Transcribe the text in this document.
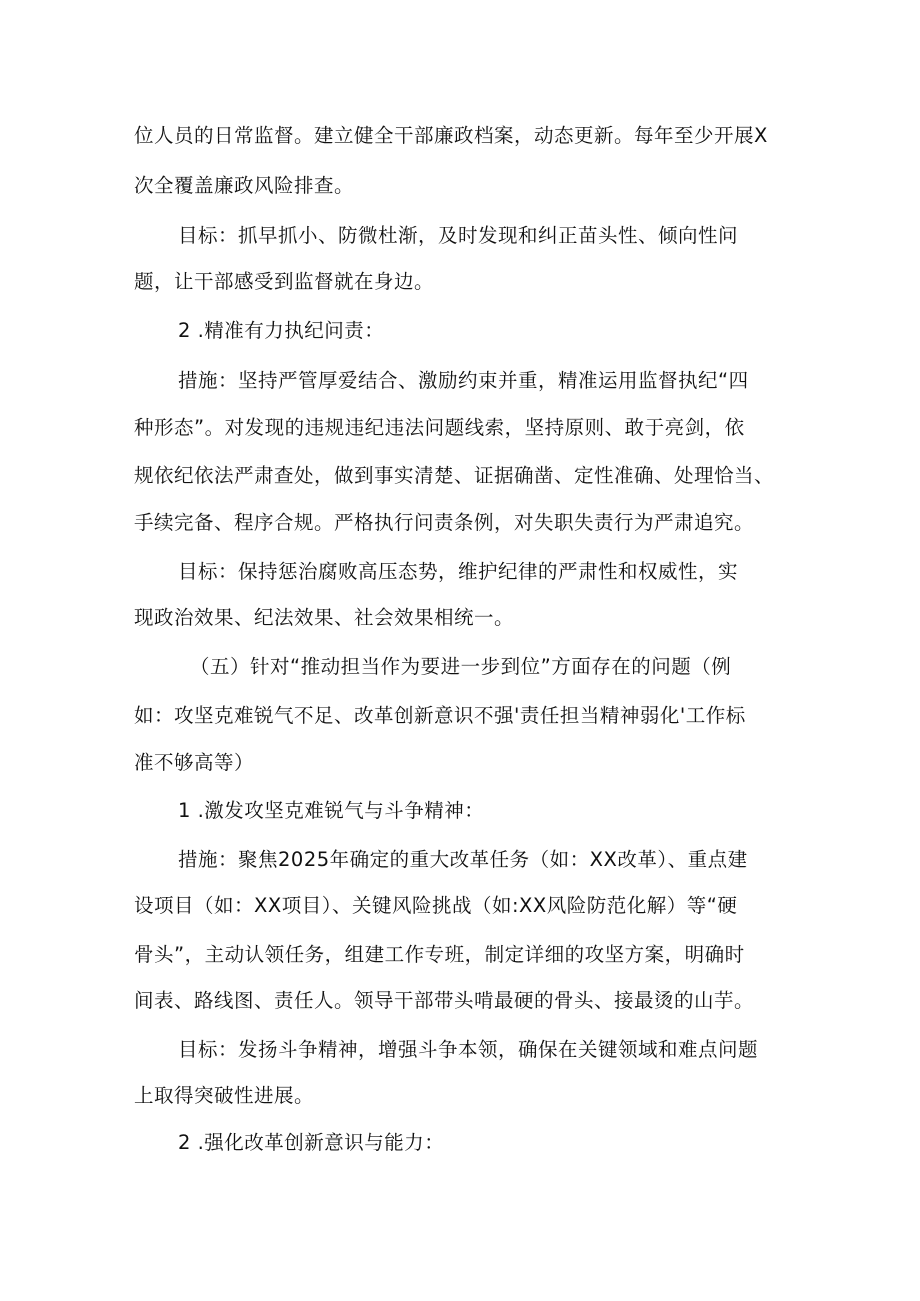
位人员的日常监督。建立健全干部廉政档案，动态更新。每年至少开展X
次全覆盖廉政风险排查。
目标：抓早抓小、防微杜渐，及时发现和纠正苗头性、倾向性问
题，让干部感受到监督就在身边。
2 .精准有力执纪问责：
措施：坚持严管厚爱结合、激励约束并重，精准运用监督执纪“四
种形态”。对发现的违规违纪违法问题线索，坚持原则、敢于亮剑，依
规依纪依法严肃查处，做到事实清楚、证据确凿、定性准确、处理恰当、
手续完备、程序合规。严格执行问责条例，对失职失责行为严肃追究。
目标：保持惩治腐败高压态势，维护纪律的严肃性和权威性，实
现政治效果、纪法效果、社会效果相统一。
（五）针对“推动担当作为要进一步到位”方面存在的问题（例
如：攻坚克难锐气不足、改革创新意识不强'责任担当精神弱化'工作标
准不够高等）
1 .激发攻坚克难锐气与斗争精神：
措施：聚焦2025年确定的重大改革任务（如：XX改革）、重点建
设项目（如：XX项目）、关键风险挑战（如:XX风险防范化解）等“硬
骨头”，主动认领任务，组建工作专班，制定详细的攻坚方案，明确时
间表、路线图、责任人。领导干部带头啃最硬的骨头、接最烫的山芋。
目标：发扬斗争精神，增强斗争本领，确保在关键领域和难点问题
上取得突破性进展。
2 .强化改革创新意识与能力：
